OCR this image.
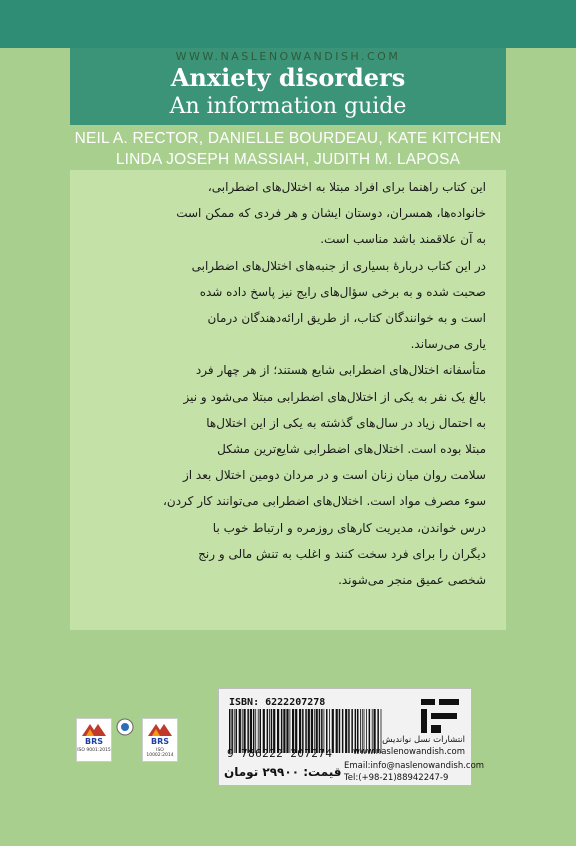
WWW.NASLENOWANDISH.COM
Anxiety disorders
An information guide
NEIL A. RECTOR, DANIELLE BOURDEAU, KATE KITCHEN
LINDA JOSEPH MASSIAH, JUDITH M. LAPOSA
این کتاب راهنما برای افراد مبتلا به اختلال‌های اضطرابی،
خانواده‌ها، همسران، دوستان ایشان و هر فردی که ممکن است
به آن علاقمند باشد مناسب است.
در این کتاب دربارۀ بسیاری از جنبه‌های اختلال‌های اضطرابی
صحبت شده و به برخی سؤال‌های رایج نیز پاسخ داده شده
است و به خوانندگان کتاب، از طریق ارائه‌دهندگان درمان
یاری می‌رساند.
متأسفانه اختلال‌های اضطرابی شایع هستند؛ از هر چهار فرد
بالغ یک نفر به یکی از اختلال‌های اضطرابی مبتلا می‌شود و نیز
به احتمال زیاد در سال‌های گذشته به یکی از این اختلال‌ها
مبتلا بوده است. اختلال‌های اضطرابی شایع‌ترین مشکل
سلامت روان میان زنان است و در مردان دومین اختلال بعد از
سوء مصرف مواد است. اختلال‌های اضطرابی می‌توانند کار کردن،
درس خواندن، مدیریت کارهای روزمره و ارتباط خوب با
دیگران را برای فرد سخت کنند و اغلب به تنش مالی و رنج
شخصی عمیق منجر می‌شوند.
BRS
ISO 9001:2015
BRS
ISO 10002:2014
ISBN: 6222207278
9 786222 207274
انتشارات نسل نواندیش
www.naslenowandish.com
Email:info@naslenowandish.com
Tel:(+98-21)88942247-9
قیمت: ۲۹۹۰۰ تومان
